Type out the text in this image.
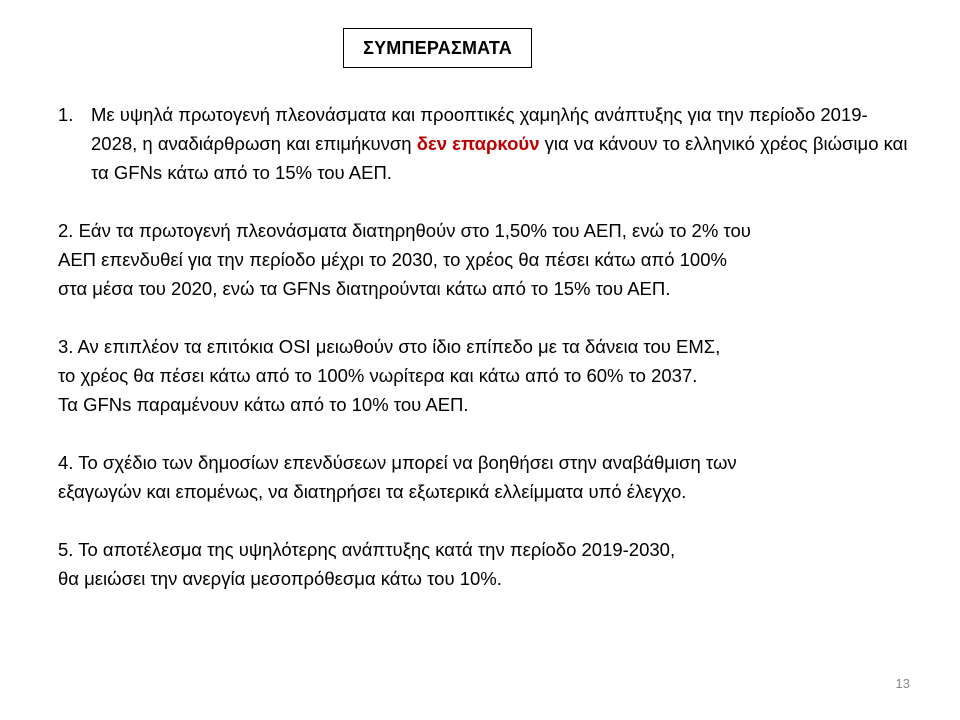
ΣΥΜΠΕΡΑΣΜΑΤΑ
1. Με υψηλά πρωτογενή πλεονάσματα και προοπτικές χαμηλής ανάπτυξης για την περίοδο 2019-2028, η αναδιάρθρωση και επιμήκυνση δεν επαρκούν για να κάνουν το ελληνικό χρέος βιώσιμο και τα GFNs κάτω από το 15% του ΑΕΠ.
2. Εάν τα πρωτογενή πλεονάσματα διατηρηθούν στο 1,50% του ΑΕΠ, ενώ το 2% του
ΑΕΠ επενδυθεί για την περίοδο μέχρι το 2030, το χρέος θα πέσει κάτω από 100%
στα μέσα του 2020, ενώ τα GFNs διατηρούνται κάτω από το 15% του ΑΕΠ.
3. Αν επιπλέον τα επιτόκια OSI μειωθούν στο ίδιο επίπεδο με τα δάνεια του ΕΜΣ,
το χρέος θα πέσει κάτω από το 100% νωρίτερα και κάτω από το 60% το 2037.
Τα GFNs παραμένουν κάτω από το 10% του ΑΕΠ.
4. Το σχέδιο των δημοσίων επενδύσεων μπορεί να βοηθήσει στην αναβάθμιση των
εξαγωγών και επομένως, να διατηρήσει τα εξωτερικά ελλείμματα υπό έλεγχο.
5. Το αποτέλεσμα της υψηλότερης ανάπτυξης κατά την περίοδο 2019-2030,
θα μειώσει την ανεργία μεσοπρόθεσμα κάτω του 10%.
13
